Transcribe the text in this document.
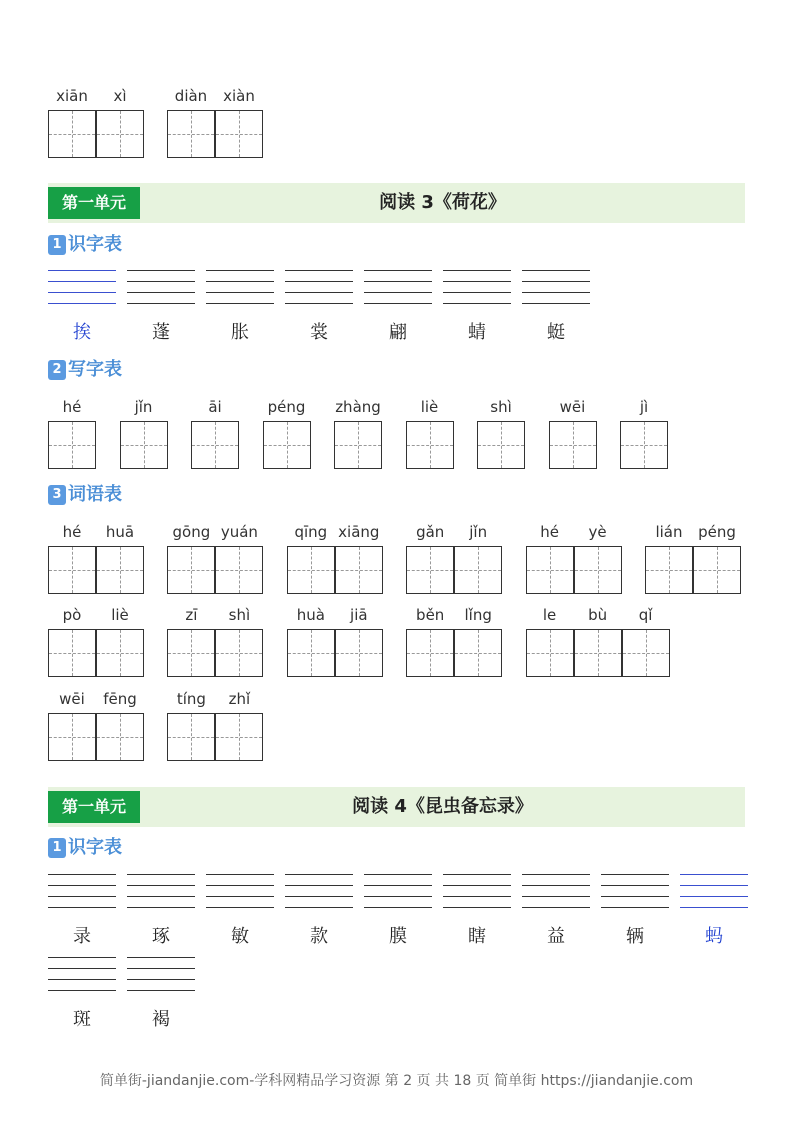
xiān	xì	diàn	xiàn
第一单元	阅读 3《荷花》
1 识字表
挨	蓬	胀	裳	翩	蜻	蜓
2 写字表
hé	jǐn	āi	péng	zhàng	liè	shì	wēi	jì
3 词语表
hé	huā	gōng yuán	qīng xiāng	gǎn	jǐn	hé	yè	lián	péng
pò	liè	zī	shì	huà	jiā	běn	lǐng	le	bù	qǐ
wēi	fēng	tíng	zhǐ
第一单元	阅读 4《昆虫备忘录》
1 识字表
录	琢	敏	款	膜	瞎	益	辆	蚂
斑	褐
简单街-jiandanjie.com-学科网精品学习资源 第 2 页 共 18 页 简单街 https://jiandanjie.com
